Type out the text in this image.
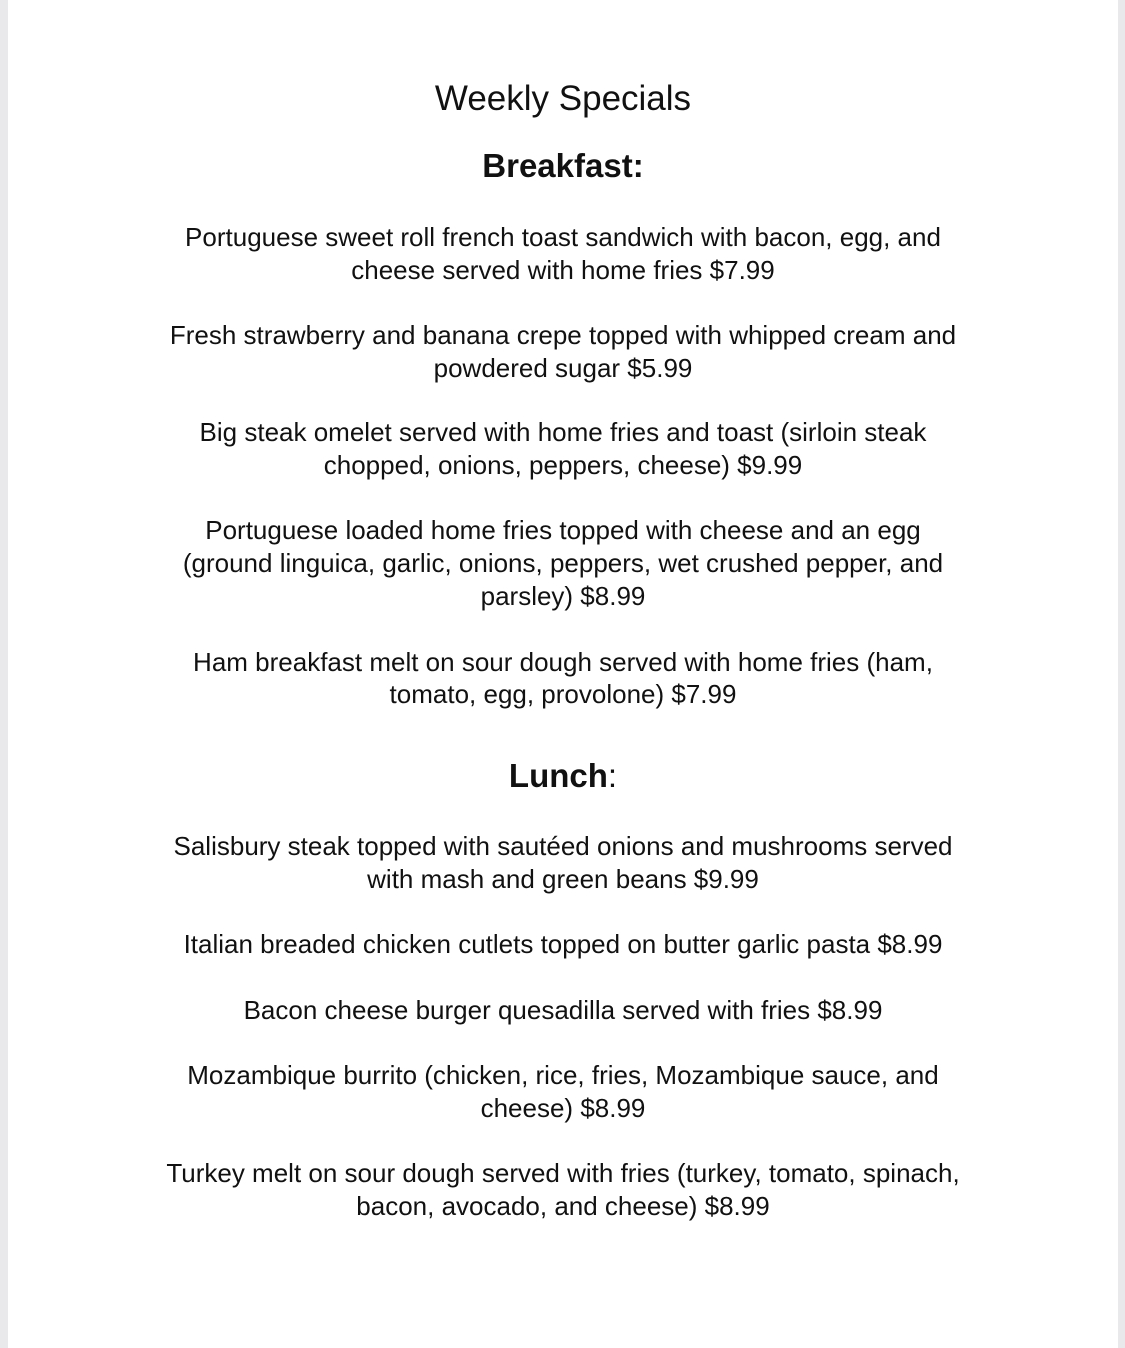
Weekly Specials
Breakfast:
Portuguese sweet roll french toast sandwich with bacon, egg, and
cheese served with home fries $7.99
Fresh strawberry and banana crepe topped with whipped cream and
powdered sugar $5.99
Big steak omelet served with home fries and toast (sirloin steak
chopped, onions, peppers, cheese) $9.99
Portuguese loaded home fries topped with cheese and an egg
(ground linguica, garlic, onions, peppers, wet crushed pepper, and
parsley) $8.99
Ham breakfast melt on sour dough served with home fries (ham,
tomato, egg, provolone) $7.99
Lunch:
Salisbury steak topped with sautéed onions and mushrooms served
with mash and green beans $9.99
Italian breaded chicken cutlets topped on butter garlic pasta $8.99
Bacon cheese burger quesadilla served with fries $8.99
Mozambique burrito (chicken, rice, fries, Mozambique sauce, and
cheese) $8.99
Turkey melt on sour dough served with fries (turkey, tomato, spinach,
bacon, avocado, and cheese) $8.99
